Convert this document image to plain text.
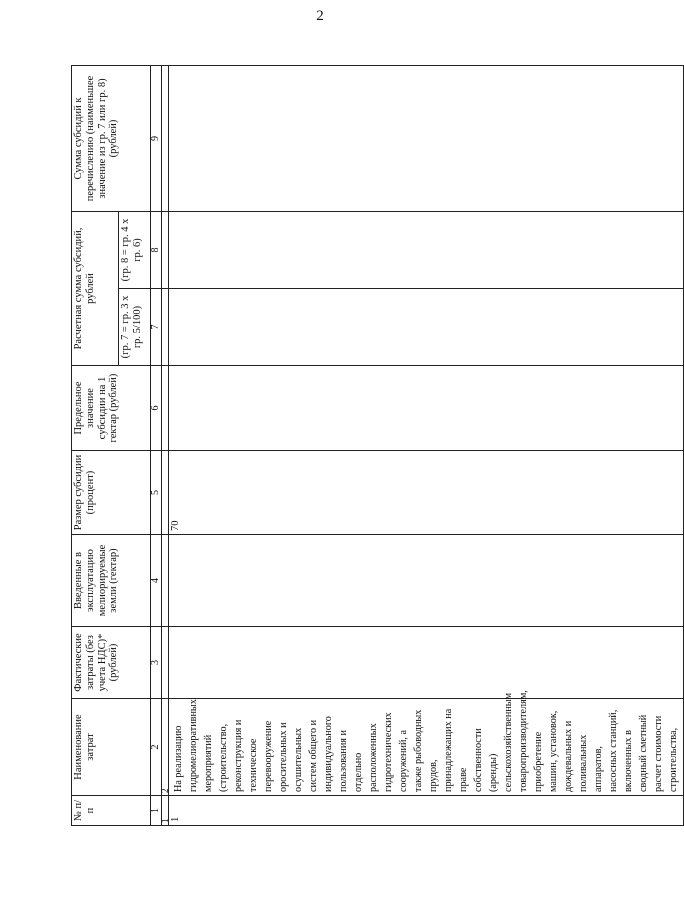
2
№ п/п	Наименование затрат	Фактические затраты (без учета НДС)* (рублей)	Введенные в эксплуатацию мелиорируемые земли (гектар)	Размер субсидии (процент)	Предельное значение субсидии на 1 гектар (рублей)	Расчетная сумма субсидий, рублей		Сумма субсидий к перечислению (наименьшее значение из гр. 7 или гр. 8) (рублей)
						(гр. 7 = гр. 3 х гр. 5/100)	(гр. 8 = гр. 4 х гр. 6)	
1	2	3	4	5	6	7	8	9
1	2							
1	На реализацию гидромелиоративных мероприятий (строительство, реконструкция и техническое перевооружение оросительных и осушительных систем общего и индивидуального пользования и отдельно расположенных гидротехнических сооружений, а также рыбоводных прудов, принадлежащих на праве собственности (аренды) сельскохозяйственным товаропроизводителям, приобретение машин, установок, дождевальных и поливальных аппаратов, насосных станций, включенных в сводный сметный расчет стоимости строительства,			70				
